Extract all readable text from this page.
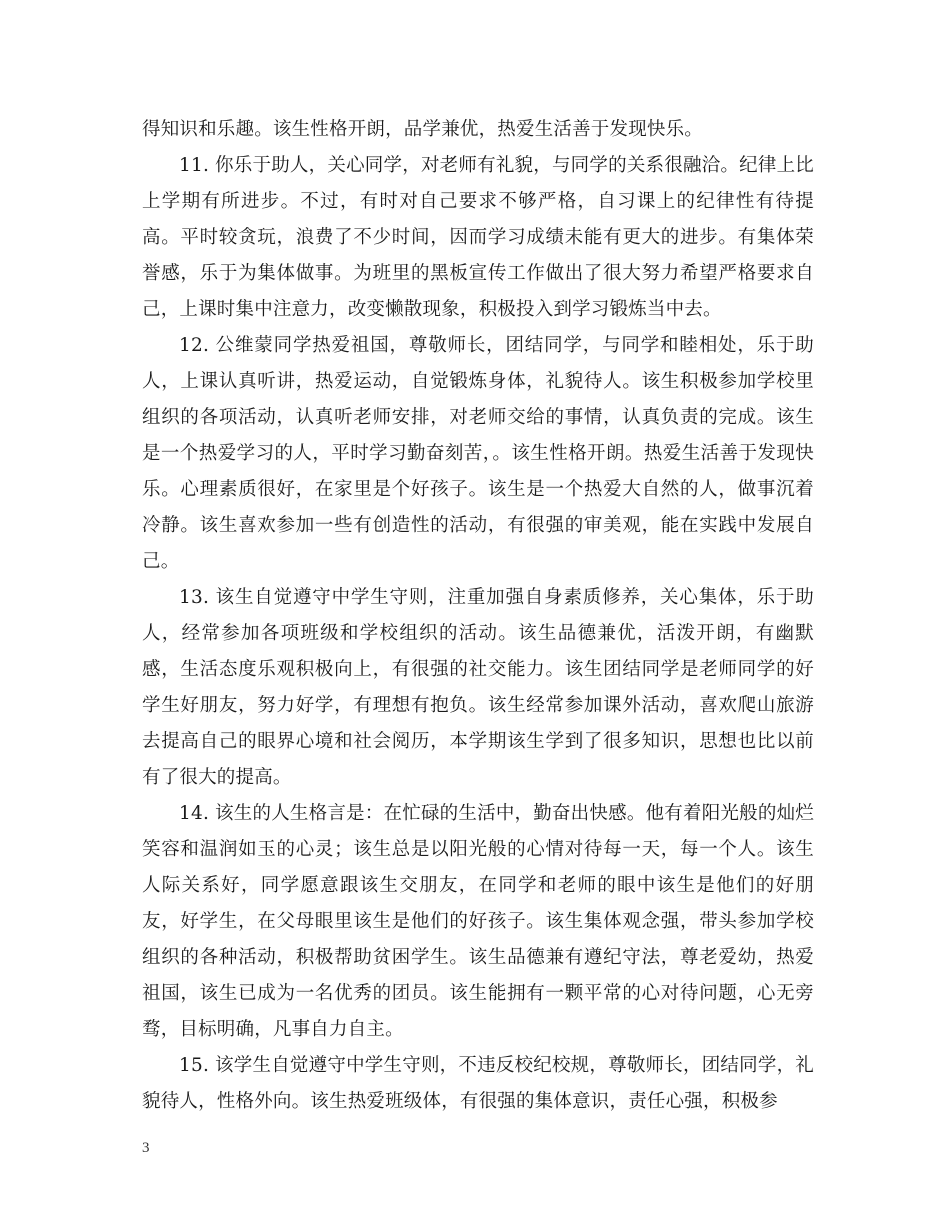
得知识和乐趣。该生性格开朗，品学兼优，热爱生活善于发现快乐。

11. 你乐于助人，关心同学，对老师有礼貌，与同学的关系很融洽。纪律上比上学期有所进步。不过，有时对自己要求不够严格，自习课上的纪律性有待提高。平时较贪玩，浪费了不少时间，因而学习成绩未能有更大的进步。有集体荣誉感，乐于为集体做事。为班里的黑板宣传工作做出了很大努力希望严格要求自己，上课时集中注意力，改变懒散现象，积极投入到学习锻炼当中去。

12. 公维蒙同学热爱祖国，尊敬师长，团结同学，与同学和睦相处，乐于助人，上课认真听讲，热爱运动，自觉锻炼身体，礼貌待人。该生积极参加学校里组织的各项活动，认真听老师安排，对老师交给的事情，认真负责的完成。该生是一个热爱学习的人，平时学习勤奋刻苦，。该生性格开朗。热爱生活善于发现快乐。心理素质很好，在家里是个好孩子。该生是一个热爱大自然的人，做事沉着冷静。该生喜欢参加一些有创造性的活动，有很强的审美观，能在实践中发展自己。

13. 该生自觉遵守中学生守则，注重加强自身素质修养，关心集体，乐于助人，经常参加各项班级和学校组织的活动。该生品德兼优，活泼开朗，有幽默感，生活态度乐观积极向上，有很强的社交能力。该生团结同学是老师同学的好学生好朋友，努力好学，有理想有抱负。该生经常参加课外活动，喜欢爬山旅游去提高自己的眼界心境和社会阅历，本学期该生学到了很多知识，思想也比以前有了很大的提高。

14. 该生的人生格言是：在忙碌的生活中，勤奋出快感。他有着阳光般的灿烂笑容和温润如玉的心灵；该生总是以阳光般的心情对待每一天，每一个人。该生人际关系好，同学愿意跟该生交朋友，在同学和老师的眼中该生是他们的好朋友，好学生，在父母眼里该生是他们的好孩子。该生集体观念强，带头参加学校组织的各种活动，积极帮助贫困学生。该生品德兼有遵纪守法，尊老爱幼，热爱祖国，该生已成为一名优秀的团员。该生能拥有一颗平常的心对待问题，心无旁骛，目标明确，凡事自力自主。

15. 该学生自觉遵守中学生守则，不违反校纪校规，尊敬师长，团结同学，礼貌待人，性格外向。该生热爱班级体，有很强的集体意识，责任心强，积极参

3
